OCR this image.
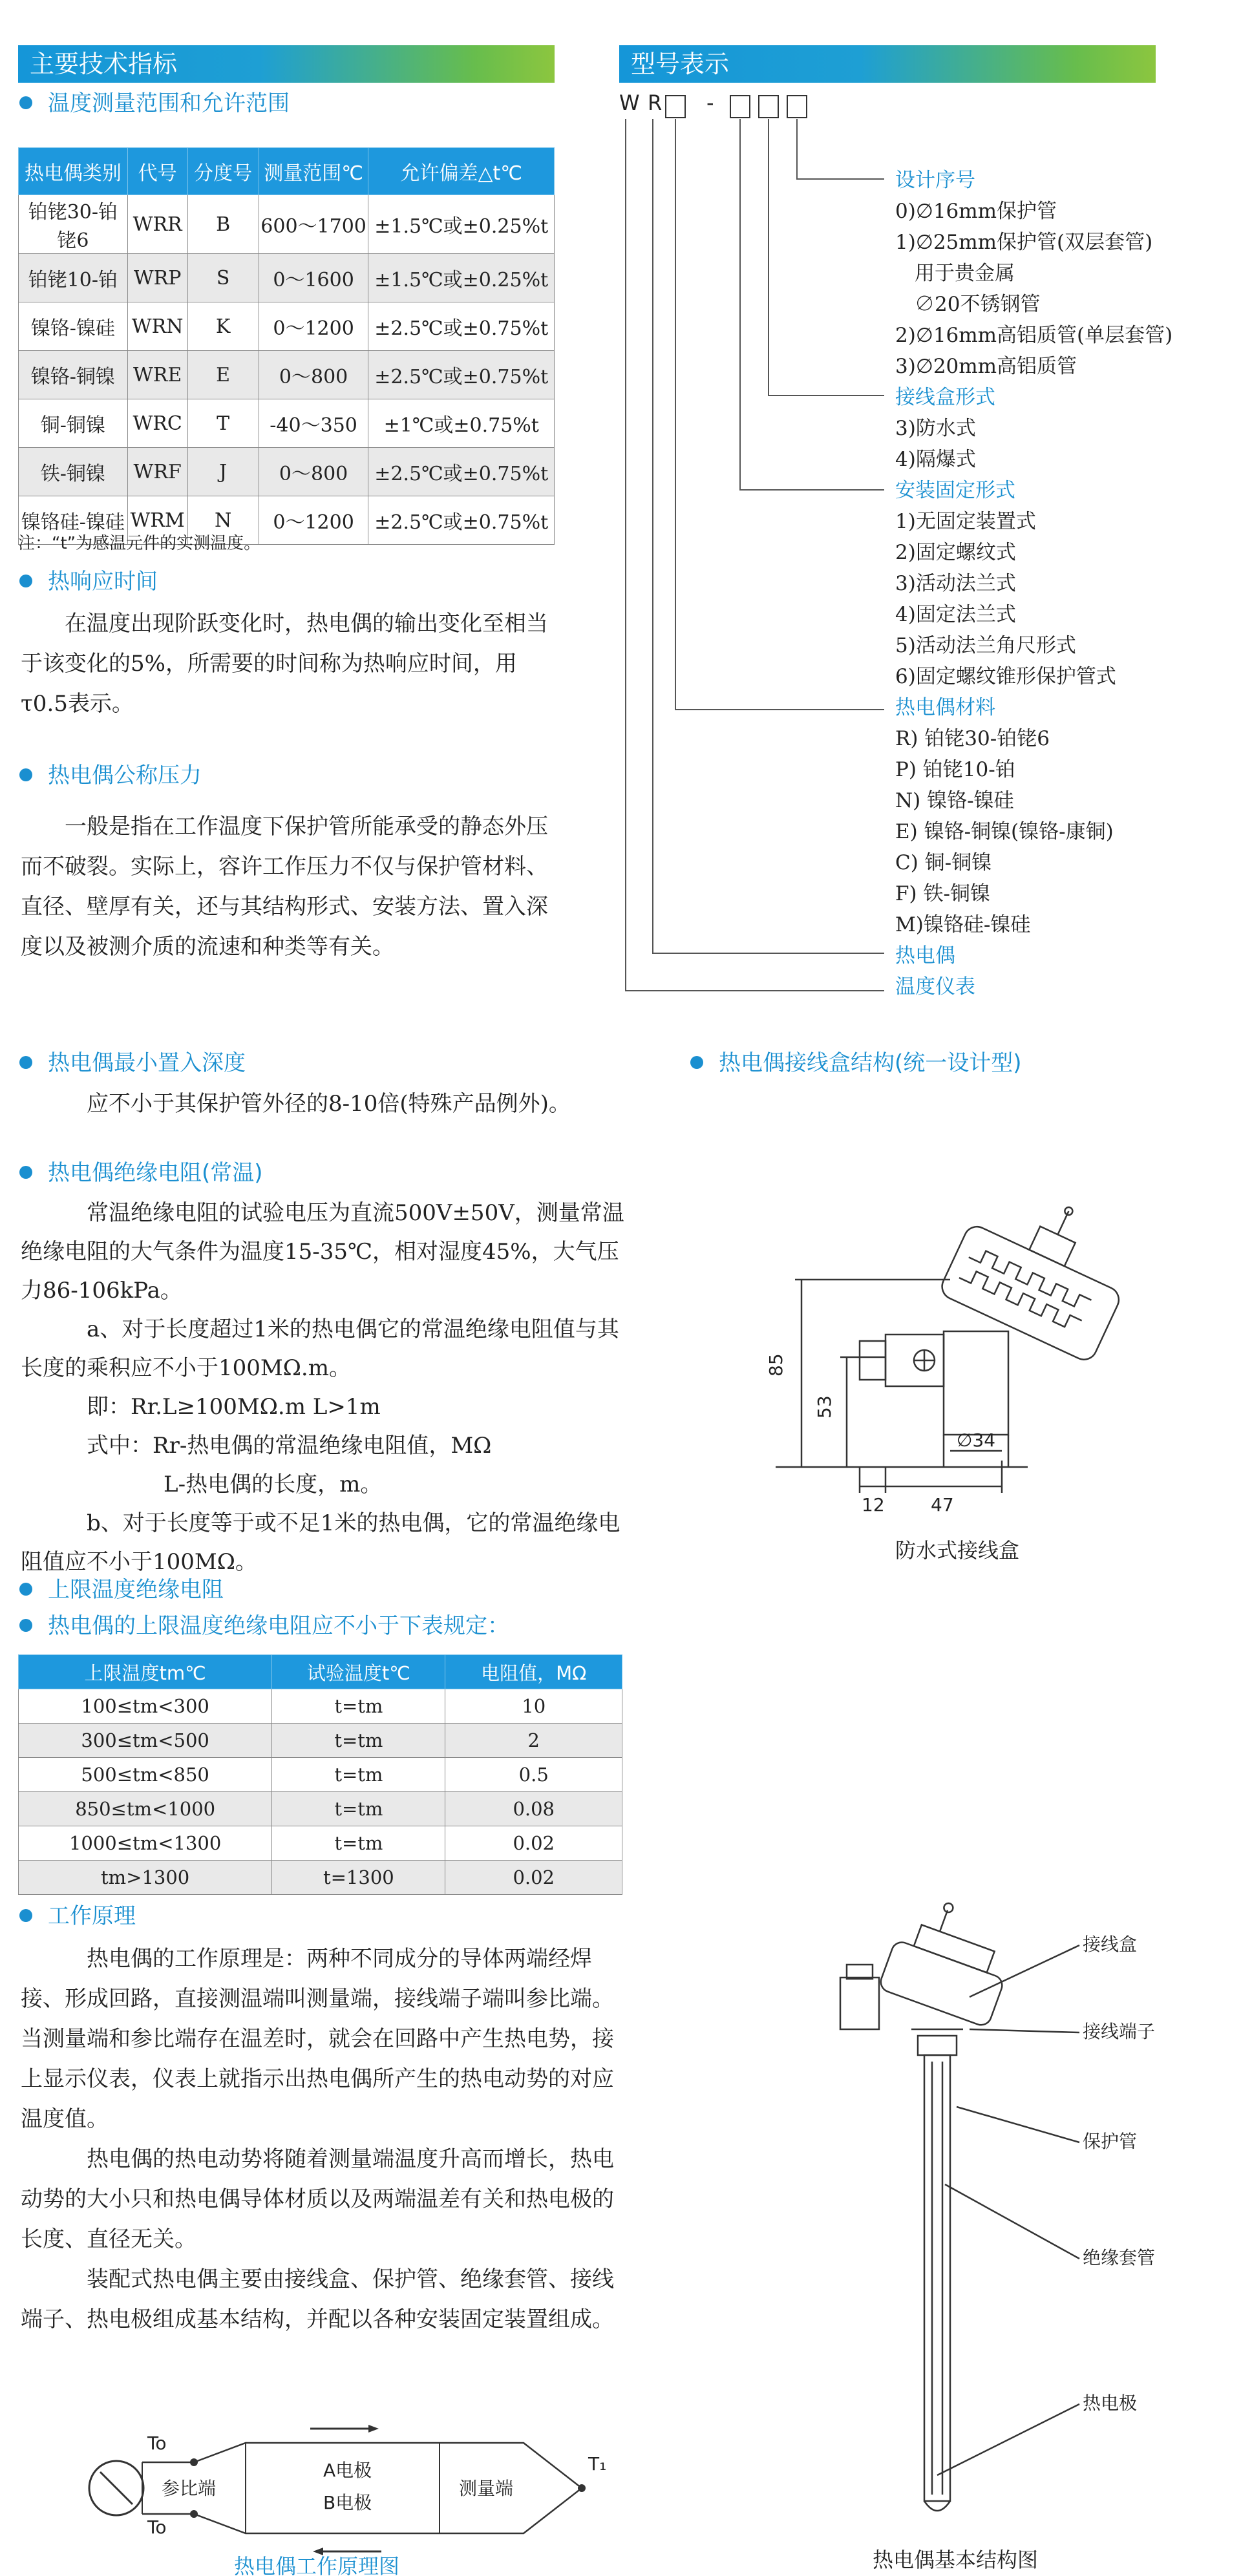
主要技术指标
温度测量范围和允许范围
热电偶类别	代号	分度号	测量范围℃	允许偏差△t℃
铂铑30-铂铑6	WRR	B	600～1700	±1.5℃或±0.25%t
铂铑10-铂	WRP	S	0～1600	±1.5℃或±0.25%t
镍铬-镍硅	WRN	K	0～1200	±2.5℃或±0.75%t
镍铬-铜镍	WRE	E	0～800	±2.5℃或±0.75%t
铜-铜镍	WRC	T	-40～350	±1℃或±0.75%t
铁-铜镍	WRF	J	0～800	±2.5℃或±0.75%t
镍铬硅-镍硅	WRM	N	0～1200	±2.5℃或±0.75%t
注：“t”为感温元件的实测温度。
热响应时间

在温度出现阶跃变化时，热电偶的输出变化至相当于该变化的5%，所需要的时间称为热响应时间，用τ0.5表示。

热电偶公称压力

一般是指在工作温度下保护管所能承受的静态外压而不破裂。实际上，容许工作压力不仅与保护管材料、直径、壁厚有关，还与其结构形式、安装方法、置入深度以及被测介质的流速和种类等有关。

型号表示
W R -
设计序号
0)∅16mm保护管
1)∅25mm保护管(双层套管)
用于贵金属
∅20不锈钢管
2)∅16mm高铝质管(单层套管)
3)∅20mm高铝质管
接线盒形式
3)防水式
4)隔爆式
安装固定形式
1)无固定装置式
2)固定螺纹式
3)活动法兰式
4)固定法兰式
5)活动法兰角尺形式
6)固定螺纹锥形保护管式
热电偶材料
R) 铂铑30-铂铑6
P) 铂铑10-铂
N) 镍铬-镍硅
E) 镍铬-铜镍(镍铬-康铜)
C) 铜-铜镍
F) 铁-铜镍
M)镍铬硅-镍硅
热电偶
温度仪表
热电偶最小置入深度

应不小于其保护管外径的8-10倍(特殊产品例外)。

热电偶绝缘电阻(常温)

常温绝缘电阻的试验电压为直流500V±50V，测量常温绝缘电阻的大气条件为温度15-35℃，相对湿度45%，大气压力86-106kPa。

a、对于长度超过1米的热电偶它的常温绝缘电阻值与其长度的乘积应不小于100MΩ.m。

即：Rr.L≥100MΩ.m L>1m

式中：Rr-热电偶的常温绝缘电阻值，MΩ

L-热电偶的长度，m。

b、对于长度等于或不足1米的热电偶，它的常温绝缘电阻值应不小于100MΩ。

上限温度绝缘电阻
热电偶的上限温度绝缘电阻应不小于下表规定：
上限温度tm℃	试验温度t℃	电阻值，MΩ
100≤tm<300	t=tm	10
300≤tm<500	t=tm	2
500≤tm<850	t=tm	0.5
850≤tm<1000	t=tm	0.08
1000≤tm<1300	t=tm	0.02
tm>1300	t=1300	0.02
工作原理

热电偶的工作原理是：两种不同成分的导体两端经焊接、形成回路，直接测温端叫测量端，接线端子端叫参比端。当测量端和参比端存在温差时，就会在回路中产生热电势，接上显示仪表，仪表上就指示出热电偶所产生的热电动势的对应温度值。

热电偶的热电动势将随着测量端温度升高而增长，热电动势的大小只和热电偶导体材质以及两端温差有关和热电极的长度、直径无关。

装配式热电偶主要由接线盒、保护管、绝缘套管、接线端子、热电极组成基本结构，并配以各种安装固定装置组成。

To
To
T₁
参比端
A电极
B电极
测量端
热电偶工作原理图
热电偶接线盒结构(统一设计型)
85
53
12	47
∅34
防水式接线盒
接线盒
接线端子
保护管
绝缘套管
热电极
热电偶基本结构图
